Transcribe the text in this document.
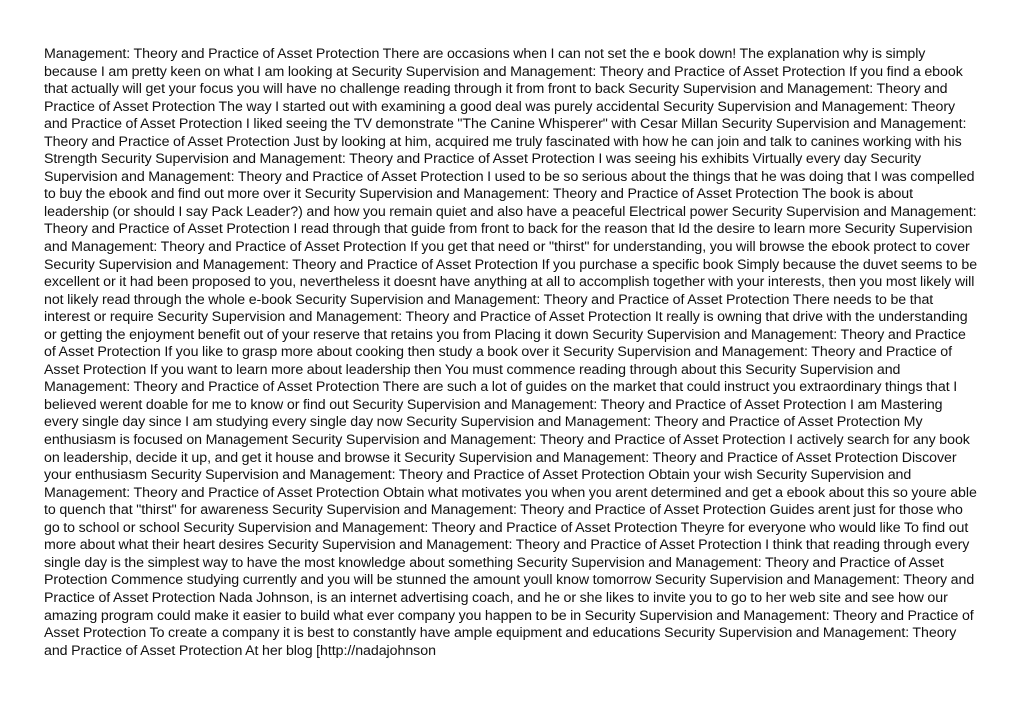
Management: Theory and Practice of Asset Protection There are occasions when I can not set the e book down! The explanation why is simply because I am pretty keen on what I am looking at Security Supervision and Management: Theory and Practice of Asset Protection If you find a ebook that actually will get your focus you will have no challenge reading through it from front to back Security Supervision and Management: Theory and Practice of Asset Protection The way I started out with examining a good deal was purely accidental Security Supervision and Management: Theory and Practice of Asset Protection I liked seeing the TV demonstrate "The Canine Whisperer" with Cesar Millan Security Supervision and Management: Theory and Practice of Asset Protection Just by looking at him, acquired me truly fascinated with how he can join and talk to canines working with his Strength Security Supervision and Management: Theory and Practice of Asset Protection I was seeing his exhibits Virtually every day Security Supervision and Management: Theory and Practice of Asset Protection I used to be so serious about the things that he was doing that I was compelled to buy the ebook and find out more over it Security Supervision and Management: Theory and Practice of Asset Protection The book is about leadership (or should I say Pack Leader?) and how you remain quiet and also have a peaceful Electrical power Security Supervision and Management: Theory and Practice of Asset Protection I read through that guide from front to back for the reason that Id the desire to learn more Security Supervision and Management: Theory and Practice of Asset Protection If you get that need or "thirst" for understanding, you will browse the ebook protect to cover Security Supervision and Management: Theory and Practice of Asset Protection If you purchase a specific book Simply because the duvet seems to be excellent or it had been proposed to you, nevertheless it doesnt have anything at all to accomplish together with your interests, then you most likely will not likely read through the whole e-book Security Supervision and Management: Theory and Practice of Asset Protection There needs to be that interest or require Security Supervision and Management: Theory and Practice of Asset Protection It really is owning that drive with the understanding or getting the enjoyment benefit out of your reserve that retains you from Placing it down Security Supervision and Management: Theory and Practice of Asset Protection If you like to grasp more about cooking then study a book over it Security Supervision and Management: Theory and Practice of Asset Protection If you want to learn more about leadership then You must commence reading through about this Security Supervision and Management: Theory and Practice of Asset Protection There are such a lot of guides on the market that could instruct you extraordinary things that I believed werent doable for me to know or find out Security Supervision and Management: Theory and Practice of Asset Protection I am Mastering every single day since I am studying every single day now Security Supervision and Management: Theory and Practice of Asset Protection My enthusiasm is focused on Management Security Supervision and Management: Theory and Practice of Asset Protection I actively search for any book on leadership, decide it up, and get it house and browse it Security Supervision and Management: Theory and Practice of Asset Protection Discover your enthusiasm Security Supervision and Management: Theory and Practice of Asset Protection Obtain your wish Security Supervision and Management: Theory and Practice of Asset Protection Obtain what motivates you when you arent determined and get a ebook about this so youre able to quench that "thirst" for awareness Security Supervision and Management: Theory and Practice of Asset Protection Guides arent just for those who go to school or school Security Supervision and Management: Theory and Practice of Asset Protection Theyre for everyone who would like To find out more about what their heart desires Security Supervision and Management: Theory and Practice of Asset Protection I think that reading through every single day is the simplest way to have the most knowledge about something Security Supervision and Management: Theory and Practice of Asset Protection Commence studying currently and you will be stunned the amount youll know tomorrow Security Supervision and Management: Theory and Practice of Asset Protection Nada Johnson, is an internet advertising coach, and he or she likes to invite you to go to her web site and see how our amazing program could make it easier to build what ever company you happen to be in Security Supervision and Management: Theory and Practice of Asset Protection To create a company it is best to constantly have ample equipment and educations Security Supervision and Management: Theory and Practice of Asset Protection At her blog [http://nadajohnson
